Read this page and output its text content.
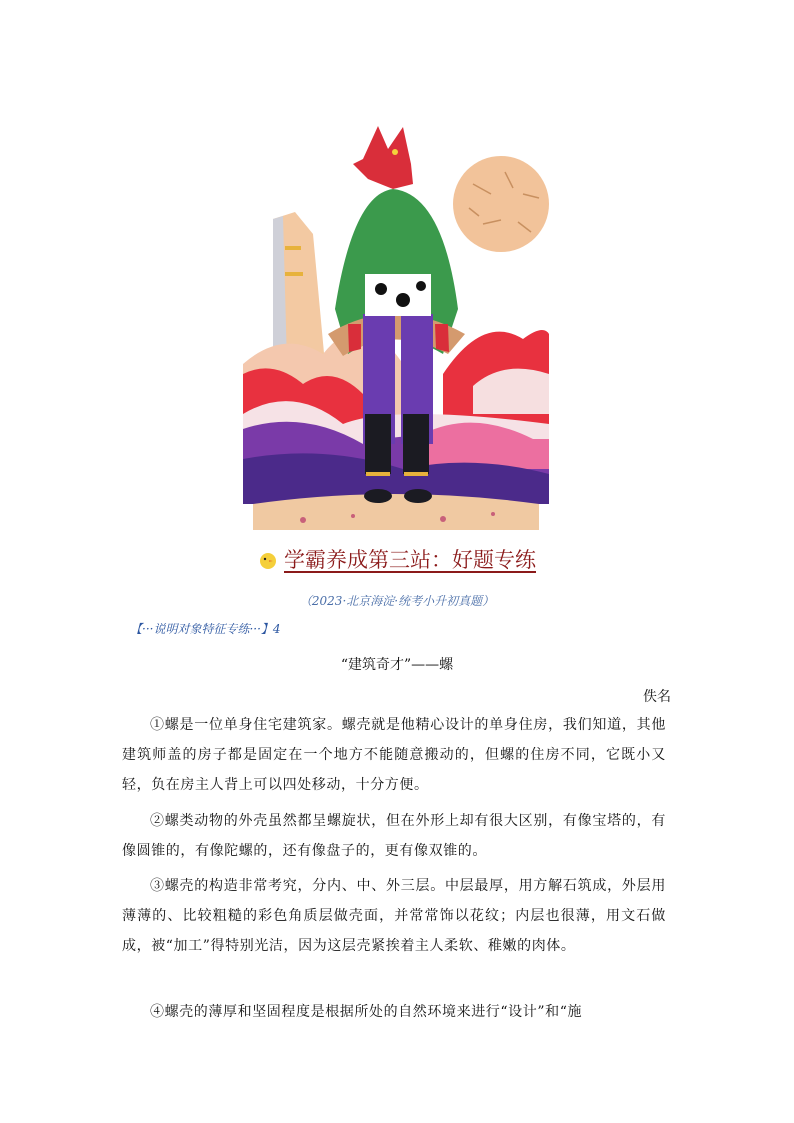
学霸养成第三站：好题专练
（2023·北京海淀·统考小升初真题）
【···说明对象特征专练···】4
“建筑奇才”——螺
佚名

①螺是一位单身住宅建筑家。螺壳就是他精心设计的单身住房，我们知道，其他建筑师盖的房子都是固定在一个地方不能随意搬动的，但螺的住房不同，它既小又轻，负在房主人背上可以四处移动，十分方便。

②螺类动物的外壳虽然都呈螺旋状，但在外形上却有很大区别，有像宝塔的，有像圆锥的，有像陀螺的，还有像盘子的，更有像双锥的。

③螺壳的构造非常考究，分内、中、外三层。中层最厚，用方解石筑成，外层用薄薄的、比较粗糙的彩色角质层做壳面，并常常饰以花纹；内层也很薄，用文石做成，被“加工”得特别光洁，因为这层壳紧挨着主人柔软、稚嫩的肉体。

④螺壳的薄厚和坚固程度是根据所处的自然环境来进行“设计”和“施
